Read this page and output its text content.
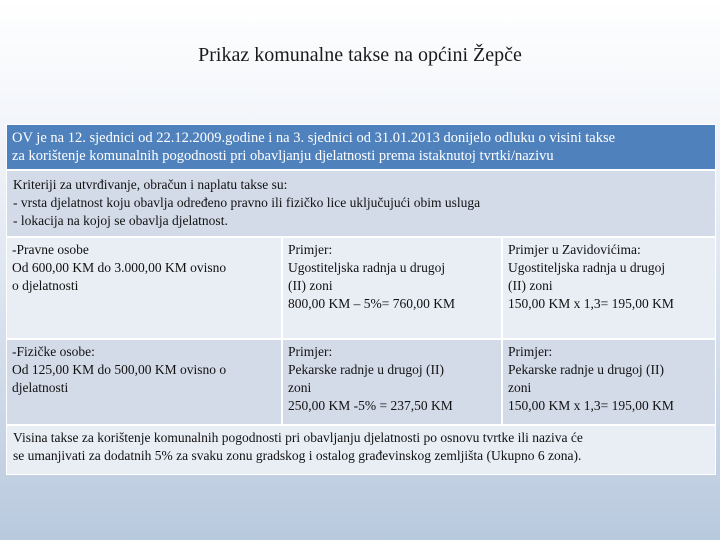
Prikaz komunalne takse na općini Žepče
OV je na 12. sjednici od 22.12.2009.godine i na 3. sjednici od 31.01.2013 donijelo odluku o visini takse
za korištenje komunalnih pogodnosti pri obavljanju djelatnosti prema istaknutoj tvrtki/nazivu
Kriteriji za utvrđivanje, obračun i naplatu takse su:
- vrsta djelatnost koju obavlja određeno pravno ili fizičko lice uključujući obim usluga
- lokacija na kojoj se obavlja djelatnost.
-Pravne osobe
Od 600,00 KM do 3.000,00 KM ovisno
o djelatnosti
Primjer:
Ugostiteljska radnja u drugoj
(II) zoni
800,00 KM – 5%= 760,00 KM
Primjer u Zavidovićima:
Ugostiteljska radnja u drugoj
(II) zoni
150,00 KM x 1,3= 195,00 KM
-Fizičke osobe:
Od 125,00 KM do 500,00 KM ovisno o
djelatnosti
Primjer:
Pekarske radnje u drugoj (II)
zoni
250,00 KM -5% = 237,50 KM
Primjer:
Pekarske radnje u drugoj (II)
zoni
150,00 KM x 1,3= 195,00 KM
Visina takse za korištenje komunalnih pogodnosti pri obavljanju djelatnosti po osnovu tvrtke ili naziva će
se umanjivati za dodatnih 5% za svaku zonu gradskog i ostalog građevinskog zemljišta (Ukupno 6 zona).
